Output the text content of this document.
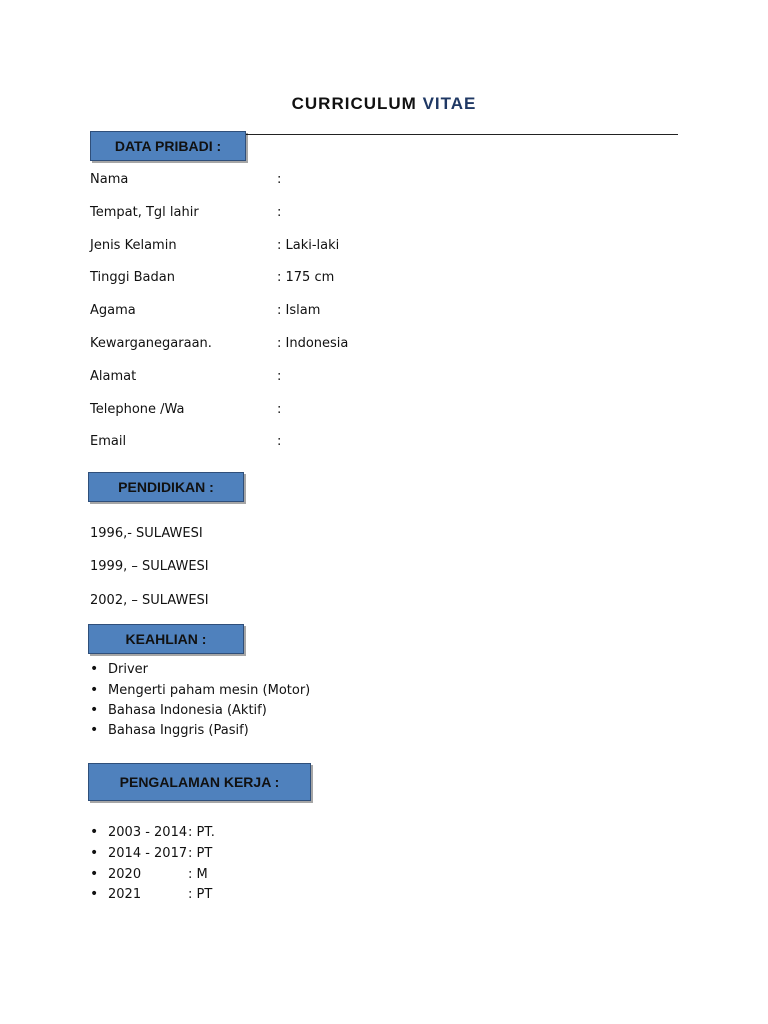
CURRICULUM VITAE
DATA PRIBADI :
Nama	:
Tempat, Tgl lahir	:
Jenis Kelamin	: Laki-laki
Tinggi Badan	: 175 cm
Agama	: Islam
Kewarganegaraan.	: Indonesia
Alamat	:
Telephone /Wa	:
Email	:
PENDIDIKAN :
1996,- SULAWESI
1999, – SULAWESI
2002, – SULAWESI
KEAHLIAN :
• Driver
• Mengerti paham mesin (Motor)
• Bahasa Indonesia (Aktif)
• Bahasa Inggris (Pasif)
PENGALAMAN KERJA :
• 2003 - 2014 : PT.
• 2014 - 2017 : PT
• 2020	: M
• 2021	: PT
